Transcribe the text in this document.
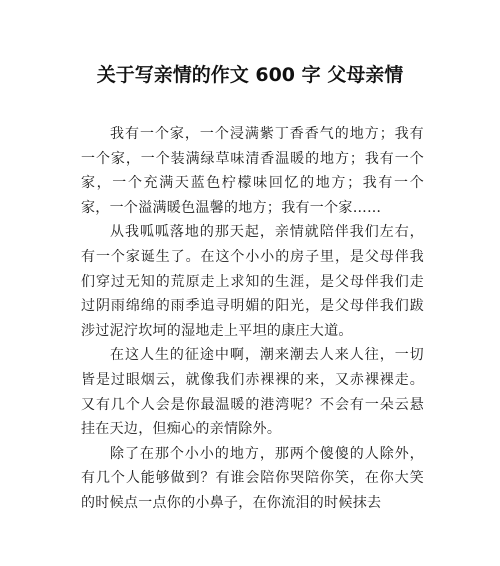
关于写亲情的作文 600 字 父母亲情

我有一个家，一个浸满紫丁香香气的地方；我有一个家，一个装满绿草味清香温暖的地方；我有一个家，一个充满天蓝色柠檬味回忆的地方；我有一个家，一个溢满暖色温馨的地方；我有一个家……

从我呱呱落地的那天起，亲情就陪伴我们左右，有一个家诞生了。在这个小小的房子里，是父母伴我们穿过无知的荒原走上求知的生涯，是父母伴我们走过阴雨绵绵的雨季追寻明媚的阳光，是父母伴我们跋涉过泥泞坎坷的湿地走上平坦的康庄大道。

在这人生的征途中啊，潮来潮去人来人往，一切皆是过眼烟云，就像我们赤裸裸的来，又赤裸裸走。又有几个人会是你最温暖的港湾呢？不会有一朵云悬挂在天边，但痴心的亲情除外。

除了在那个小小的地方，那两个傻傻的人除外，有几个人能够做到？有谁会陪你哭陪你笑，在你大笑的时候点一点你的小鼻子，在你流泪的时候抹去
